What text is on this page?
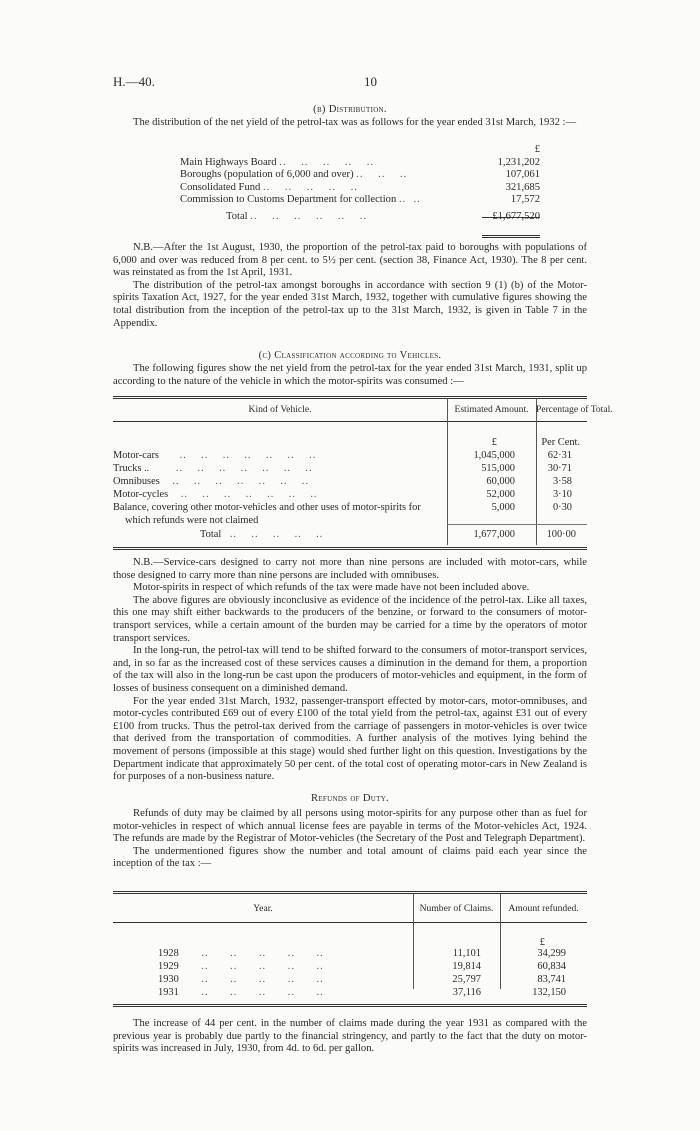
H.—40.	10
(b) Distribution.

The distribution of the net yield of the petrol-tax was as follows for the year ended 31st March, 1932 :—

£
Main Highways Board ..    ..    ..    ..    ..	1,231,202
Boroughs (population of 6,000 and over) ..    ..    ..	107,061
Consolidated Fund ..    ..    ..    ..    ..	321,685
Commission to Customs Department for collection ..  ..	17,572
Total ..    ..    ..    ..    ..    ..	£1,677,520

N.B.—After the 1st August, 1930, the proportion of the petrol-tax paid to boroughs with populations of 6,000 and over was reduced from 8 per cent. to 5½ per cent. (section 38, Finance Act, 1930). The 8 per cent. was reinstated as from the 1st April, 1931.

The distribution of the petrol-tax amongst boroughs in accordance with section 9 (1) (b) of the Motor-spirits Taxation Act, 1927, for the year ended 31st March, 1932, together with cumulative figures showing the total distribution from the inception of the petrol-tax up to the 31st March, 1932, is given in Table 7 in the Appendix.

(c) Classification according to Vehicles.

The following figures show the net yield from the petrol-tax for the year ended 31st March, 1931, split up according to the nature of the vehicle in which the motor-spirits was consumed :—

Kind of Vehicle.	Estimated Amount. Percentage of Total.
£	Per Cent.
Motor-cars ..    ..    ..    ..    ..    ..    ..	1,045,000	62·31
Trucks ..	..    ..    ..    ..    ..    ..    ..	515,000	30·71
Omnibuses ..    ..    ..    ..    ..    ..    ..	60,000	3·58
Motor-cycles ..    ..    ..    ..    ..    ..    ..	52,000	3·10
Balance, covering other motor-vehicles and other uses of motor-spirits for which refunds were not claimed
5,000	0·30
Total ..    ..    ..    ..    ..	1,677,000	100·00

N.B.—Service-cars designed to carry not more than nine persons are included with motor-cars, while those designed to carry more than nine persons are included with omnibuses.

Motor-spirits in respect of which refunds of the tax were made have not been included above.

The above figures are obviously inconclusive as evidence of the incidence of the petrol-tax. Like all taxes, this one may shift either backwards to the producers of the benzine, or forward to the consumers of motor-transport services, while a certain amount of the burden may be carried for a time by the operators of motor transport services.

In the long-run, the petrol-tax will tend to be shifted forward to the consumers of motor-transport services, and, in so far as the increased cost of these services causes a diminution in the demand for them, a proportion of the tax will also in the long-run be cast upon the producers of motor-vehicles and equipment, in the form of losses of business consequent on a diminished demand.

For the year ended 31st March, 1932, passenger-transport effected by motor-cars, motor-omnibuses, and motor-cycles contributed £69 out of every £100 of the total yield from the petrol-tax, against £31 out of every £100 from trucks. Thus the petrol-tax derived from the carriage of passengers in motor-vehicles is over twice that derived from the transportation of commodities. A further analysis of the motives lying behind the movement of persons (impossible at this stage) would shed further light on this question. Investigations by the Department indicate that approximately 50 per cent. of the total cost of operating motor-cars in New Zealand is for purposes of a non-business nature.

Refunds of Duty.

Refunds of duty may be claimed by all persons using motor-spirits for any purpose other than as fuel for motor-vehicles in respect of which annual license fees are payable in terms of the Motor-vehicles Act, 1924. The refunds are made by the Registrar of Motor-vehicles (the Secretary of the Post and Telegraph Department).

The undermentioned figures show the number and total amount of claims paid each year since the inception of the tax :—

Year.	Number of Claims.	Amount refunded.
£
1928 ..      ..      ..      ..      ..	11,101	34,299
1929 ..      ..      ..      ..      ..	19,814	60,834
1930 ..      ..      ..      ..      ..	25,797	83,741
1931 ..      ..      ..      ..      ..	37,116	132,150

The increase of 44 per cent. in the number of claims made during the year 1931 as compared with the previous year is probably due partly to the financial stringency, and partly to the fact that the duty on motor-spirits was increased in July, 1930, from 4d. to 6d. per gallon.
